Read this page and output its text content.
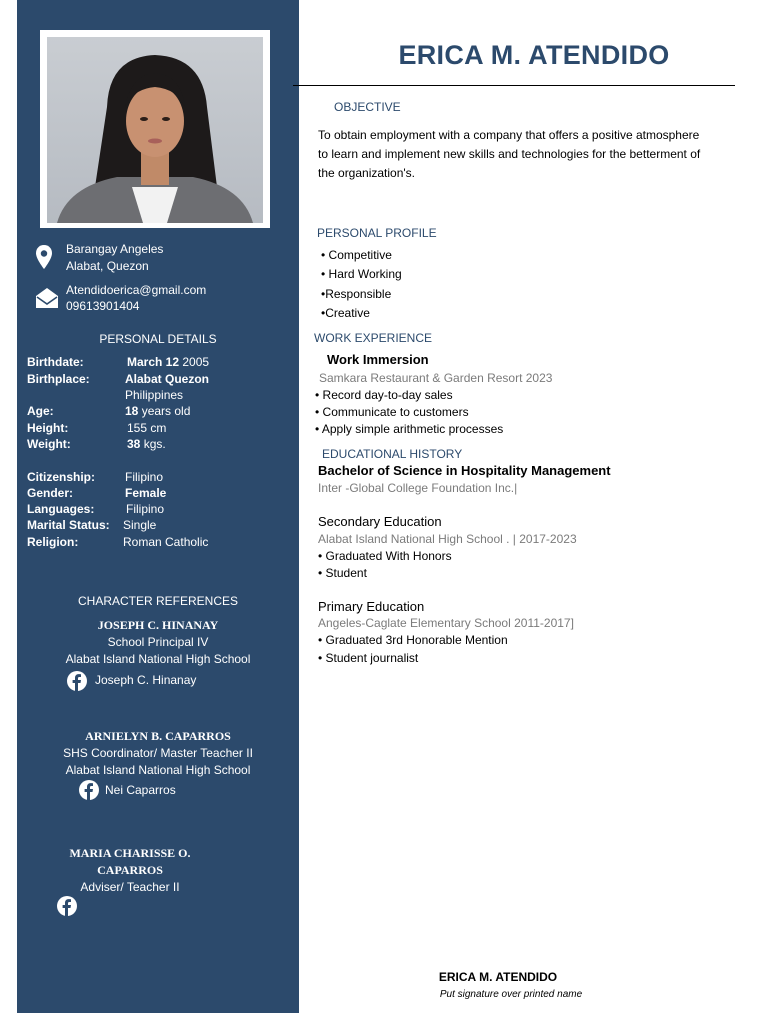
Barangay Angeles
Alabat, Quezon
Atendidoerica@gmail.com
09613901404
PERSONAL DETAILS
Birthdate:	March 12 2005
Birthplace:	Alabat Quezon
Philippines
Age:	18 years old
Height:	155 cm
Weight:	38 kgs.
Citizenship:	Filipino
Gender:	Female
Languages:	Filipino
Marital Status: Single
Religion:	Roman Catholic
CHARACTER REFERENCES
JOSEPH C. HINANAY
School Principal IV
Alabat Island National High School
Joseph C. Hinanay
ARNIELYN B. CAPARROS
SHS Coordinator/ Master Teacher II
Alabat Island National High School
Nei Caparros
MARIA CHARISSE O.
CAPARROS
Adviser/ Teacher II
ERICA M. ATENDIDO
OBJECTIVE
To obtain employment with a company that offers a positive atmosphere
to learn and implement new skills and technologies for the betterment of
the organization's.
PERSONAL PROFILE
• Competitive
• Hard Working
•Responsible
•Creative
WORK EXPERIENCE
Work Immersion
Samkara Restaurant & Garden Resort 2023
• Record day-to-day sales
• Communicate to customers
• Apply simple arithmetic processes
EDUCATIONAL HISTORY
Bachelor of Science in Hospitality Management
Inter -Global College Foundation Inc.|
Secondary Education
Alabat Island National High School . | 2017-2023
• Graduated With Honors
• Student
Primary Education
Angeles-Caglate Elementary School 2011-2017]
• Graduated 3rd Honorable Mention
• Student journalist
ERICA M. ATENDIDO
Put signature over printed name
